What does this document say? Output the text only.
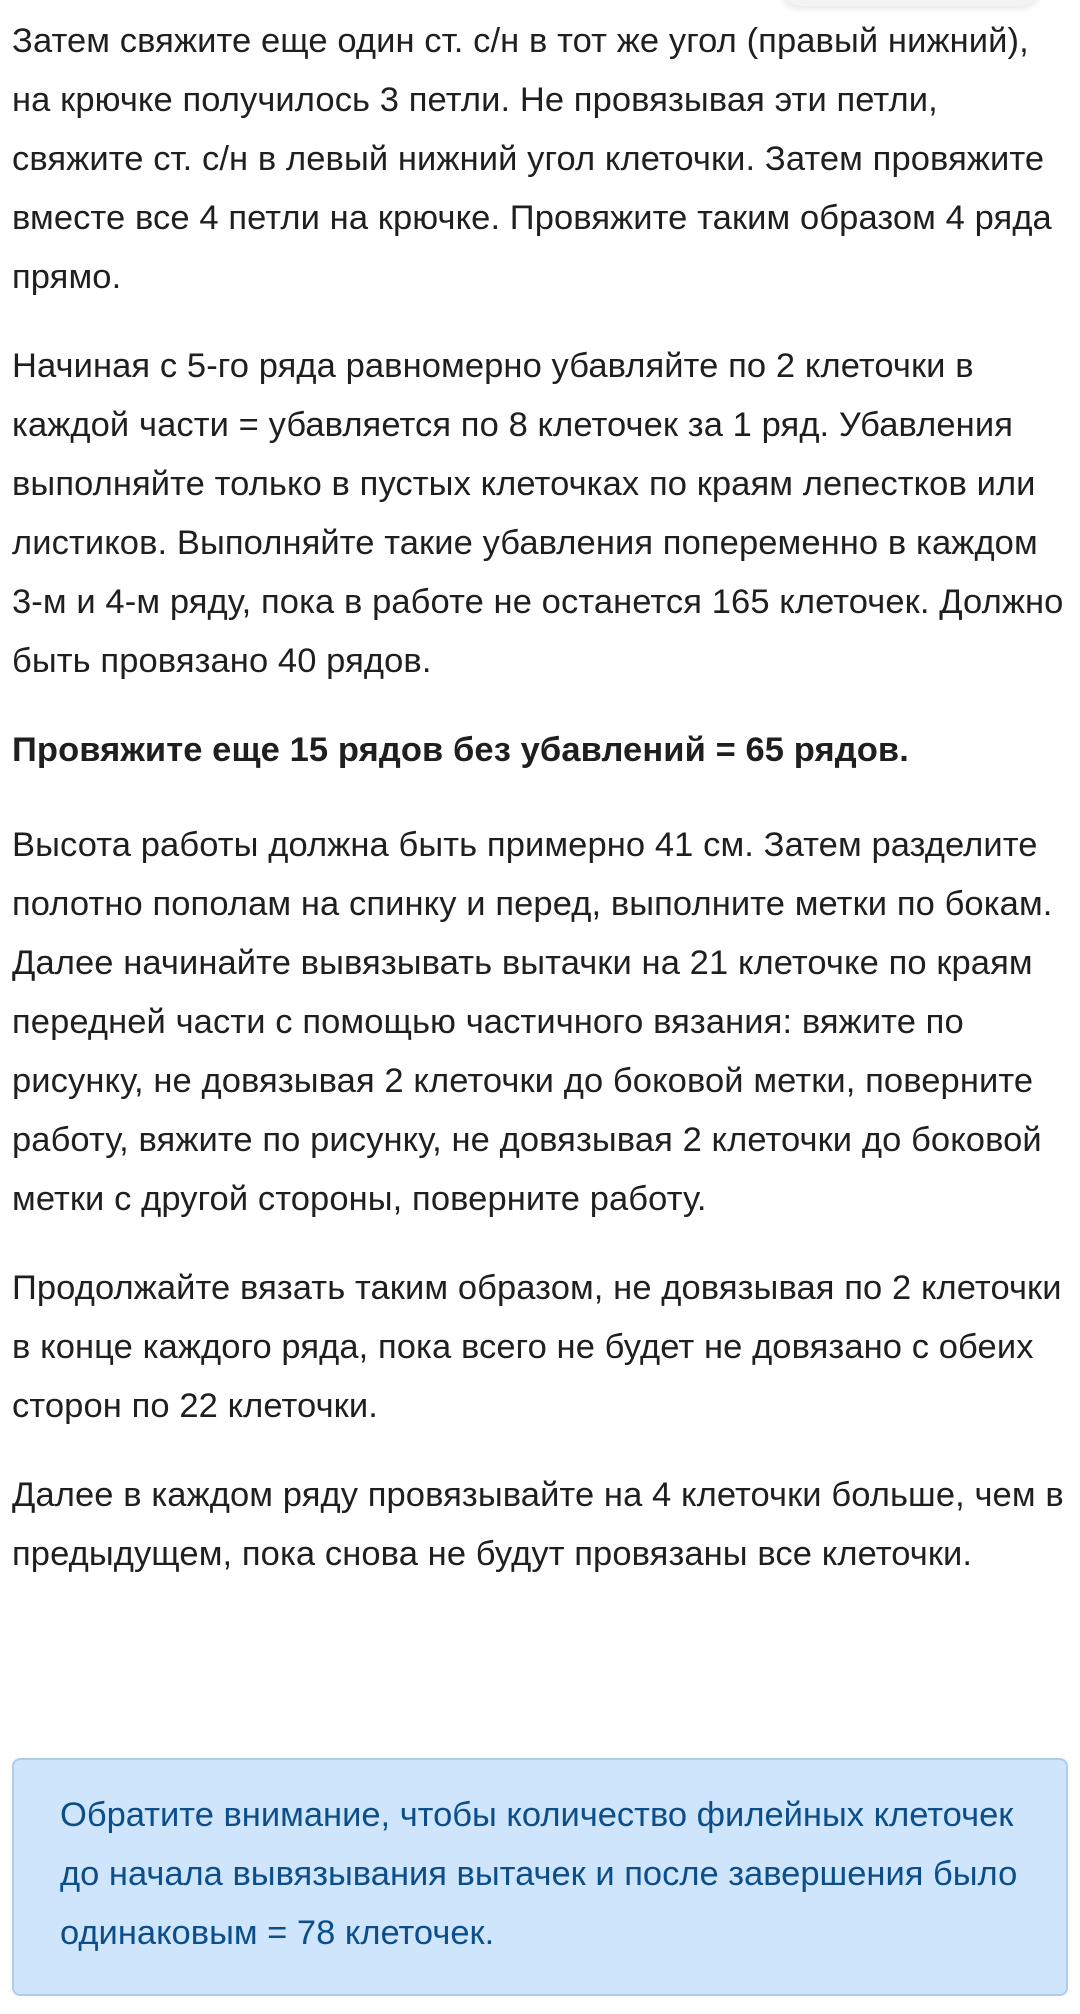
Затем свяжите еще один ст. с/н в тот же угол (правый нижний), на крючке получилось 3 петли. Не провязывая эти петли, свяжите ст. с/н в левый нижний угол клеточки. Затем провяжите вместе все 4 петли на крючке. Провяжите таким образом 4 ряда прямо.

Начиная с 5-го ряда равномерно убавляйте по 2 клеточки в каждой части = убавляется по 8 клеточек за 1 ряд. Убавления выполняйте только в пустых клеточках по краям лепестков или листиков. Выполняйте такие убавления попеременно в каждом 3-м и 4-м ряду, пока в работе не останется 165 клеточек. Должно быть провязано 40 рядов.

Провяжите еще 15 рядов без убавлений = 65 рядов.

Высота работы должна быть примерно 41 см. Затем разделите полотно пополам на спинку и перед, выполните метки по бокам. Далее начинайте вывязывать вытачки на 21 клеточке по краям передней части с помощью частичного вязания: вяжите по рисунку, не довязывая 2 клеточки до боковой метки, поверните работу, вяжите по рисунку, не довязывая 2 клеточки до боковой метки с другой стороны, поверните работу.

Продолжайте вязать таким образом, не довязывая по 2 клеточки в конце каждого ряда, пока всего не будет не довязано с обеих сторон по 22 клеточки.

Далее в каждом ряду провязывайте на 4 клеточки больше, чем в предыдущем, пока снова не будут провязаны все клеточки.

Обратите внимание, чтобы количество филейных клеточек до начала вывязывания вытачек и после завершения было одинаковым = 78 клеточек.
